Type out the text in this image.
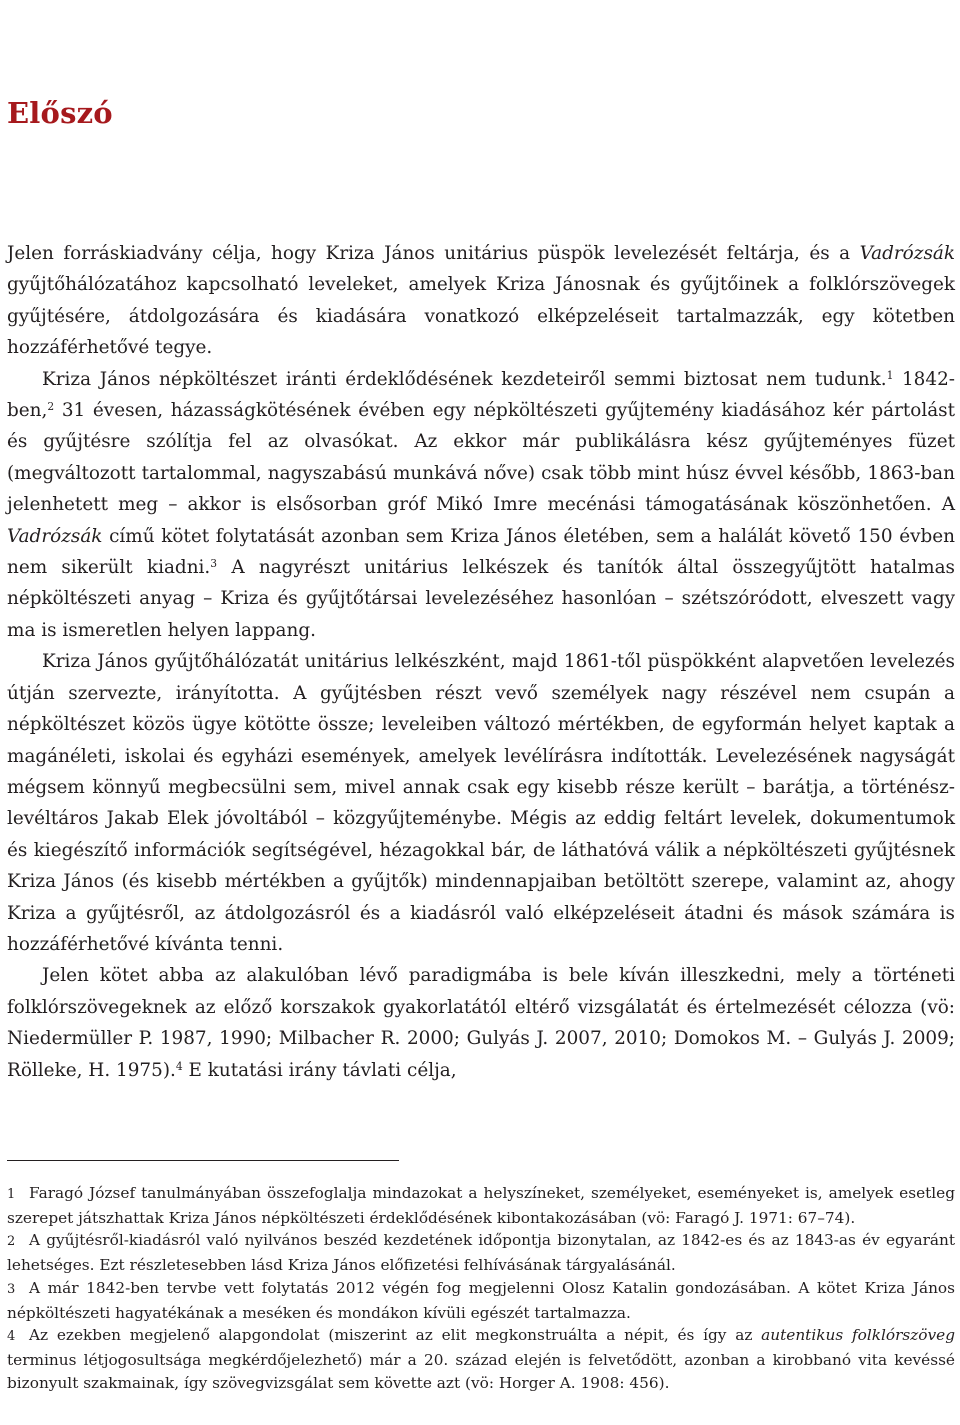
Előszó

Jelen forráskiadvány célja, hogy Kriza János unitárius püspök levelezését feltárja, és a Vadrózsák gyűjtőhálózatához kapcsolható leveleket, amelyek Kriza Jánosnak és gyűjtőinek a folklórszövegek gyűjtésére, átdolgozására és kiadására vonatkozó elképzeléseit tartalmazzák, egy kötetben hozzáférhetővé tegye.

Kriza János népköltészet iránti érdeklődésének kezdeteiről semmi biztosat nem tudunk.$^1$ 1842-ben,$^2$ 31 évesen, házasságkötésének évében egy népköltészeti gyűjtemény kiadásához kér pártolást és gyűjtésre szólítja fel az olvasókat. Az ekkor már publikálásra kész gyűjteményes füzet (megváltozott tartalommal, nagyszabású munkává nőve) csak több mint húsz évvel később, 1863-ban jelenhetett meg – akkor is elsősorban gróf Mikó Imre mecénási támogatásának köszönhetően. A Vadrózsák című kötet folytatását azonban sem Kriza János életében, sem a halálát követő 150 évben nem sikerült kiadni.$^3$ A nagyrészt unitárius lelkészek és tanítók által összegyűjtött hatalmas népköltészeti anyag – Kriza és gyűjtőtársai levelezéséhez hasonlóan – szétszóródott, elveszett vagy ma is ismeretlen helyen lappang.

Kriza János gyűjtőhálózatát unitárius lelkészként, majd 1861-től püspökként alapvetően levelezés útján szervezte, irányította. A gyűjtésben részt vevő személyek nagy részével nem csupán a népköltészet közös ügye kötötte össze; leveleiben változó mértékben, de egyformán helyet kaptak a magánéleti, iskolai és egyházi események, amelyek levélírásra indították. Levelezésének nagyságát mégsem könnyű megbecsülni sem, mivel annak csak egy kisebb része került – barátja, a történész-levéltáros Jakab Elek jóvoltából – közgyűjteménybe. Mégis az eddig feltárt levelek, dokumentumok és kiegészítő információk segítségével, hézagokkal bár, de láthatóvá válik a népköltészeti gyűjtésnek Kriza János (és kisebb mértékben a gyűjtők) mindennapjaiban betöltött szerepe, valamint az, ahogy Kriza a gyűjtésről, az átdolgozásról és a kiadásról való elképzeléseit átadni és mások számára is hozzáférhetővé kívánta tenni.

Jelen kötet abba az alakulóban lévő paradigmába is bele kíván illeszkedni, mely a történeti folklórszövegeknek az előző korszakok gyakorlatától eltérő vizsgálatát és értelmezését célozza (vö: Niedermüller P. 1987, 1990; Milbacher R. 2000; Gulyás J. 2007, 2010; Domokos M. – Gulyás J. 2009; Rölleke, H. 1975).$^4$ E kutatási irány távlati célja,

1 Faragó József tanulmányában összefoglalja mindazokat a helyszíneket, személyeket, eseményeket is, amelyek esetleg szerepet játszhattak Kriza János népköltészeti érdeklődésének kibontakozásában (vö: Faragó J. 1971: 67–74).

2 A gyűjtésről-kiadásról való nyilvános beszéd kezdetének időpontja bizonytalan, az 1842-es és az 1843-as év egyaránt lehetséges. Ezt részletesebben lásd Kriza János előfizetési felhívásának tárgyalásánál.

3 A már 1842-ben tervbe vett folytatás 2012 végén fog megjelenni Olosz Katalin gondozásában. A kötet Kriza János népköltészeti hagyatékának a meséken és mondákon kívüli egészét tartalmazza.

4 Az ezekben megjelenő alapgondolat (miszerint az elit megkonstruálta a népit, és így az autentikus folklórszöveg terminus létjogosultsága megkérdőjelezhető) már a 20. század elején is felvetődött, azonban a kirobbanó vita kevéssé bizonyult szakmainak, így szövegvizsgálat sem követte azt (vö: Horger A. 1908: 456).
